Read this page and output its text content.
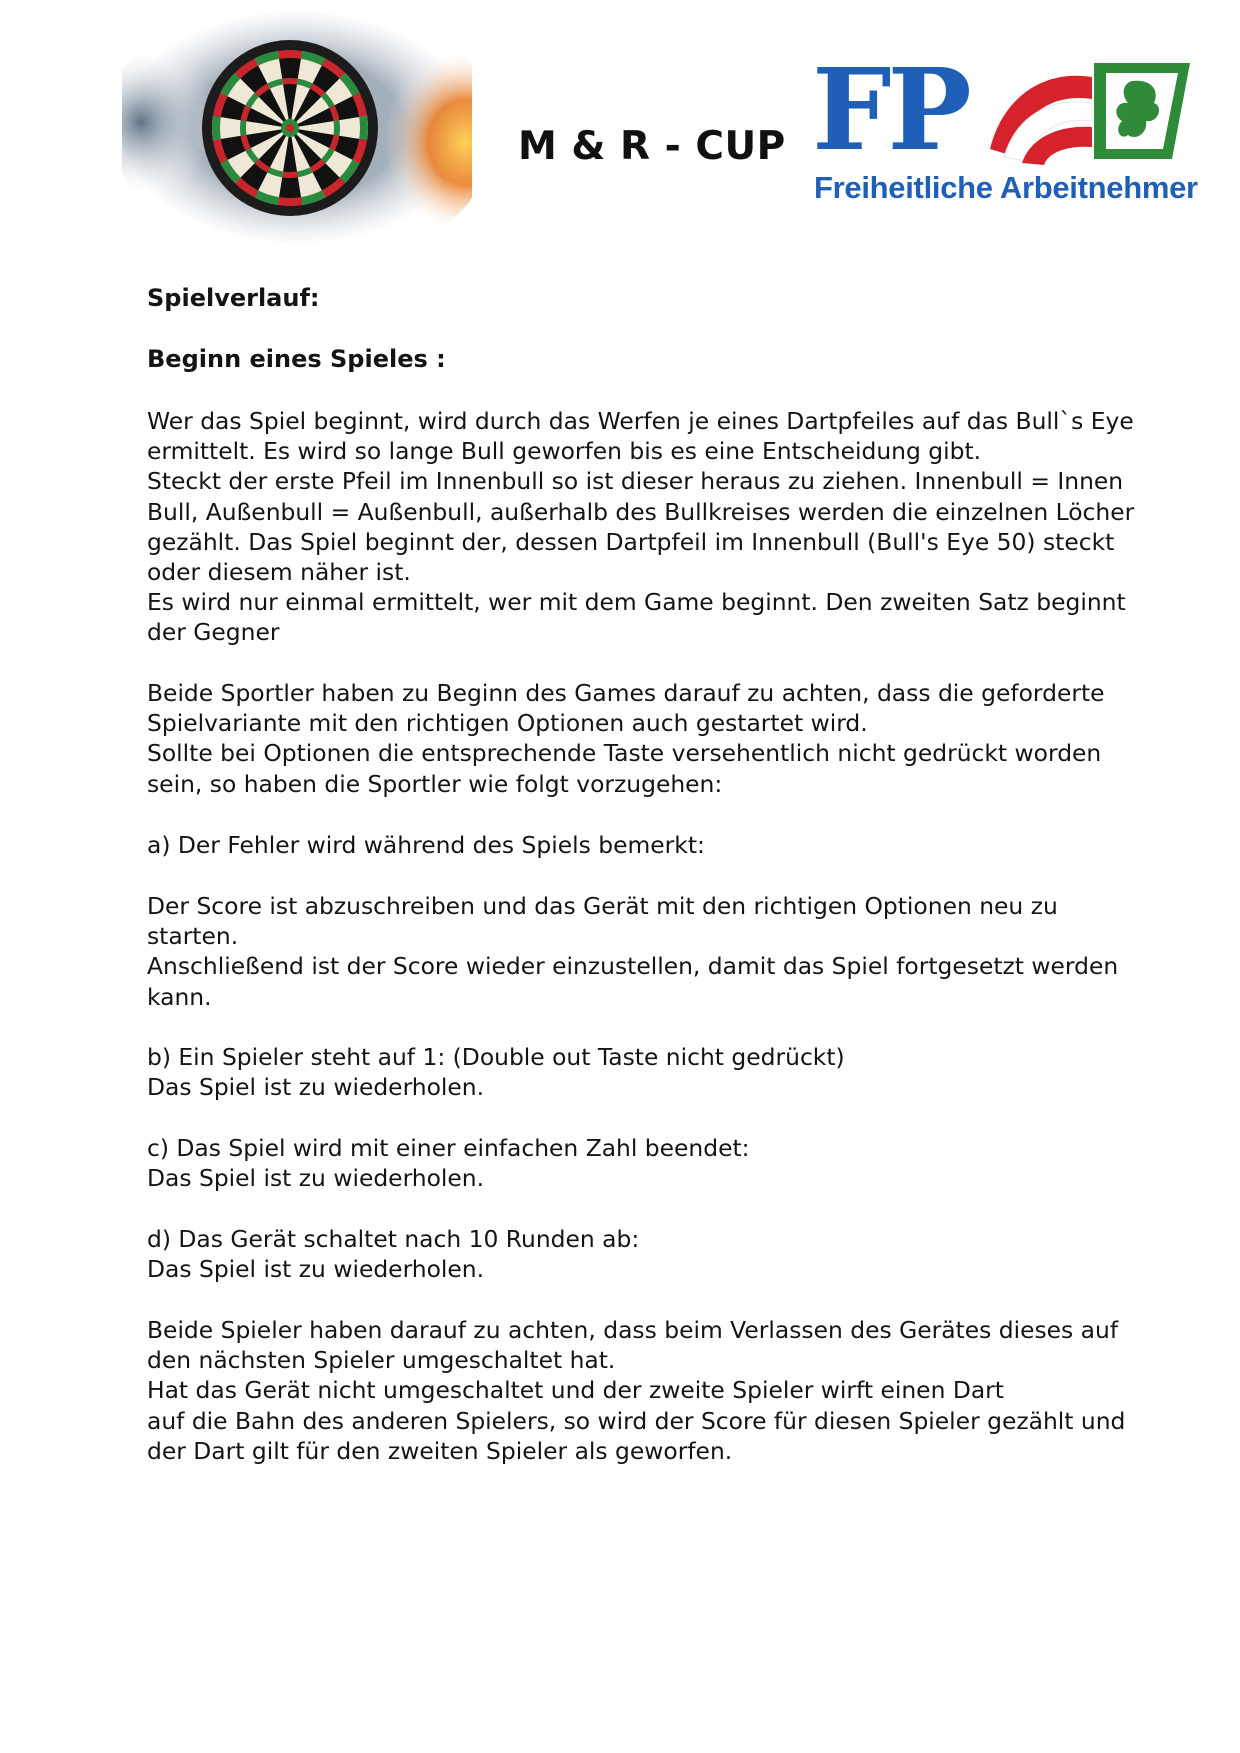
M & R - CUP FP
Freiheitliche Arbeitnehmer
Spielverlauf:
Beginn eines Spieles :
Wer das Spiel beginnt, wird durch das Werfen je eines Dartpfeiles auf das Bull`s Eye
ermittelt. Es wird so lange Bull geworfen bis es eine Entscheidung gibt.
Steckt der erste Pfeil im Innenbull so ist dieser heraus zu ziehen. Innenbull = Innen
Bull, Außenbull = Außenbull, außerhalb des Bullkreises werden die einzelnen Löcher
gezählt. Das Spiel beginnt der, dessen Dartpfeil im Innenbull (Bull's Eye 50) steckt
oder diesem näher ist.
Es wird nur einmal ermittelt, wer mit dem Game beginnt. Den zweiten Satz beginnt
der Gegner
Beide Sportler haben zu Beginn des Games darauf zu achten, dass die geforderte
Spielvariante mit den richtigen Optionen auch gestartet wird.
Sollte bei Optionen die entsprechende Taste versehentlich nicht gedrückt worden
sein, so haben die Sportler wie folgt vorzugehen:
a) Der Fehler wird während des Spiels bemerkt:
Der Score ist abzuschreiben und das Gerät mit den richtigen Optionen neu zu
starten.
Anschließend ist der Score wieder einzustellen, damit das Spiel fortgesetzt werden
kann.
b) Ein Spieler steht auf 1: (Double out Taste nicht gedrückt)
Das Spiel ist zu wiederholen.
c) Das Spiel wird mit einer einfachen Zahl beendet:
Das Spiel ist zu wiederholen.
d) Das Gerät schaltet nach 10 Runden ab:
Das Spiel ist zu wiederholen.
Beide Spieler haben darauf zu achten, dass beim Verlassen des Gerätes dieses auf
den nächsten Spieler umgeschaltet hat.
Hat das Gerät nicht umgeschaltet und der zweite Spieler wirft einen Dart
auf die Bahn des anderen Spielers, so wird der Score für diesen Spieler gezählt und
der Dart gilt für den zweiten Spieler als geworfen.
